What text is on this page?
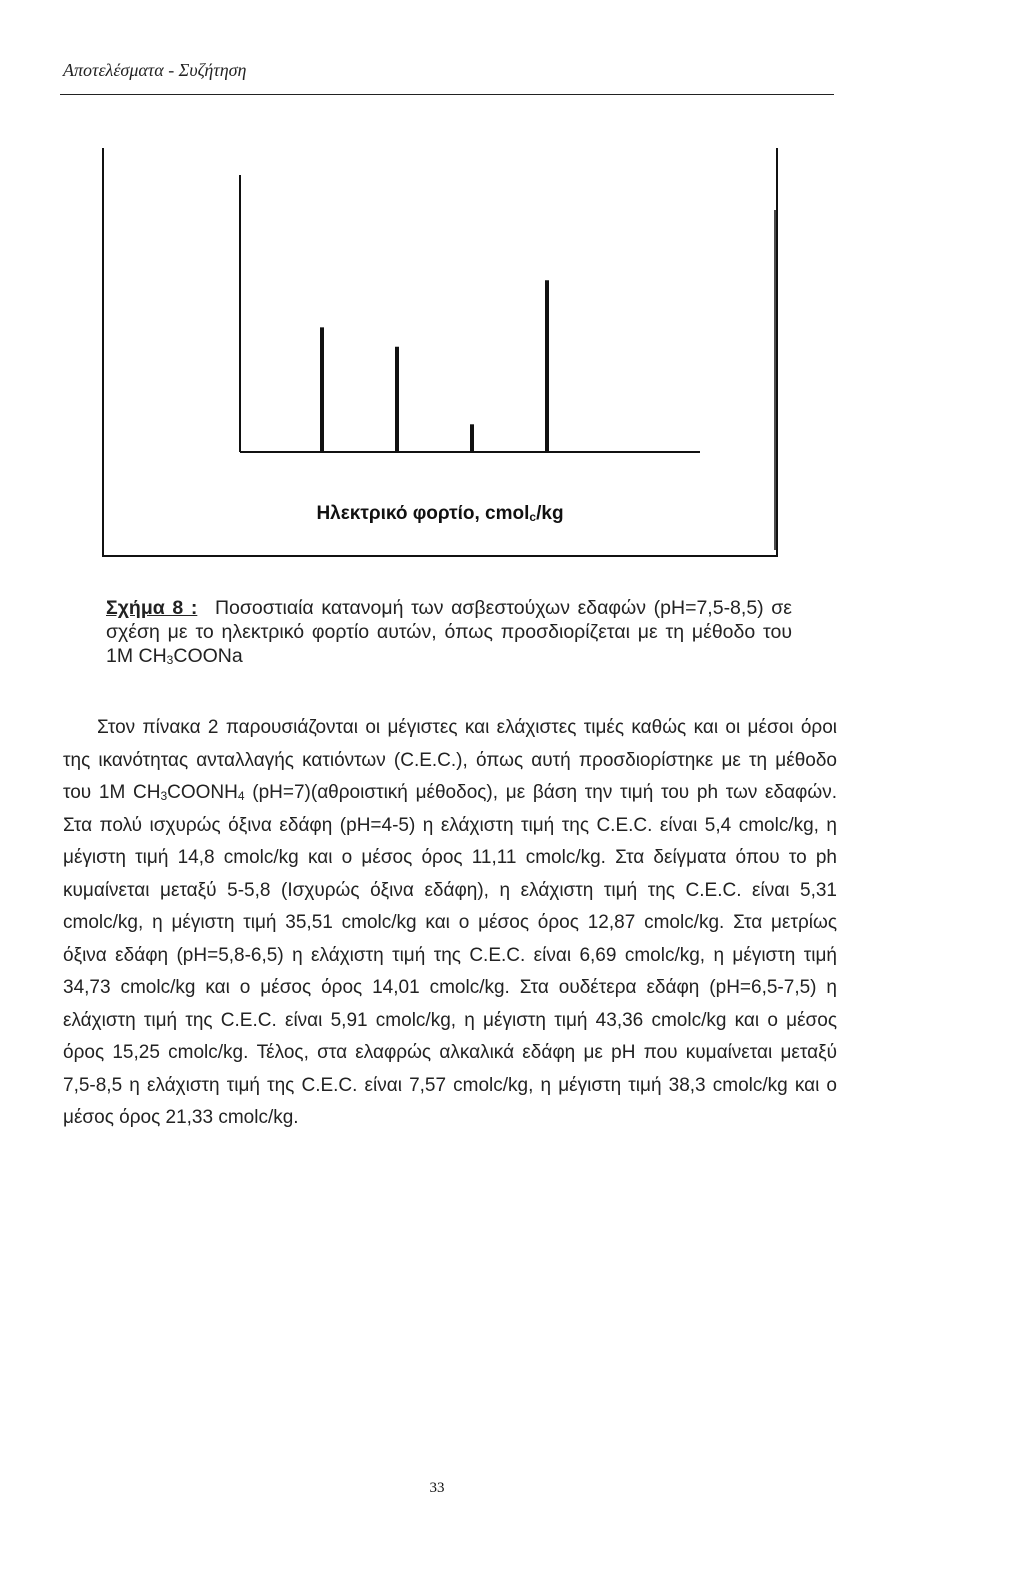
Αποτελέσματα - Συζήτηση
Ηλεκτρικό φορτίο, cmol$_c$/kg
Σχήμα 8 : Ποσοστιαία κατανομή των ασβεστούχων εδαφών (pH=7,5-8,5) σε σχέση με το ηλεκτρικό φορτίο αυτών, όπως προσδιορίζεται με τη μέθοδο του 1Μ $CH_3COONa$
Στον πίνακα 2 παρουσιάζονται οι μέγιστες και ελάχιστες τιμές καθώς και οι μέσοι όροι της ικανότητας ανταλλαγής κατιόντων (C.E.C.), όπως αυτή προσδιορίστηκε με τη μέθοδο του 1Μ $CH_3COONH_4$ (pH=7)(αθροιστική μέθοδος), με βάση την τιμή του ph των εδαφών. Στα πολύ ισχυρώς όξινα εδάφη (pH=4-5) η ελάχιστη τιμή της C.E.C. είναι 5,4 cmolc/kg, η μέγιστη τιμή 14,8 cmolc/kg και ο μέσος όρος 11,11 cmolc/kg. Στα δείγματα όπου το ph κυμαίνεται μεταξύ 5-5,8 (Ισχυρώς όξινα εδάφη), η ελάχιστη τιμή της C.E.C. είναι 5,31 cmolc/kg, η μέγιστη τιμή 35,51 cmolc/kg και ο μέσος όρος 12,87 cmolc/kg. Στα μετρίως όξινα εδάφη (pH=5,8-6,5) η ελάχιστη τιμή της C.E.C. είναι 6,69 cmolc/kg, η μέγιστη τιμή 34,73 cmolc/kg και ο μέσος όρος 14,01 cmolc/kg. Στα ουδέτερα εδάφη (pH=6,5-7,5) η ελάχιστη τιμή της C.E.C. είναι 5,91 cmolc/kg, η μέγιστη τιμή 43,36 cmolc/kg και ο μέσος όρος 15,25 cmolc/kg. Τέλος, στα ελαφρώς αλκαλικά εδάφη με pH που κυμαίνεται μεταξύ 7,5-8,5 η ελάχιστη τιμή της C.E.C. είναι 7,57 cmolc/kg, η μέγιστη τιμή 38,3 cmolc/kg και ο μέσος όρος 21,33 cmolc/kg.
33
